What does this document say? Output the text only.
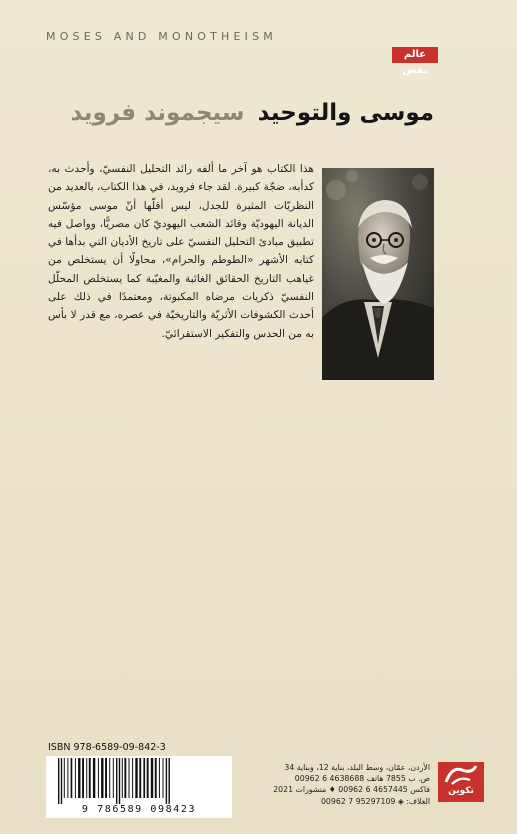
MOSES AND MONOTHEISM
عالم نفس
موسى والتوحيد سيجموند فرويد
هذا الكتاب هو آخر ما ألفه رائد التحليل النفسيّ، وأحدث به، كدأبه، ضجّة كبيرة. لقد جاء فرويد، في هذا الكتاب، بالعديد من النظريّات المثيرة للجدل، ليس أقلّها أنّ موسى مؤسّس الديانة اليهوديّة وقائد الشعب اليهوديّ كان مصريًّا، وواصل فيه تطبيق مبادئ التحليل النفسيّ على تاريخ الأديان التي بدأها في كتابه الأشهر «الطوطم والحرام»، محاولًا أن يستخلص من غياهب التاريخ الحقائق الغائبة والمغيّبة كما يستخلص المحلّل النفسيّ ذكريات مرضاه المكبوتة، ومعتمدًا في ذلك على أحدث الكشوفات الأثريّة والتاريخيّة في عصره، مع قدر لا بأس به من الحدس والتفكير الاستقرائيّ.
ISBN 978-6589-09-842-3
9 786589 098423
الأردن، عمّان، وسط البلد، بناية 12، وبناية 34
ص. ب 7855 هاتف 4638688 6 00962
فاكس 4657445 6 00962 ♦ منشورات 2021
الغلاف: ◈ 95297109 7 00962
تكوين
